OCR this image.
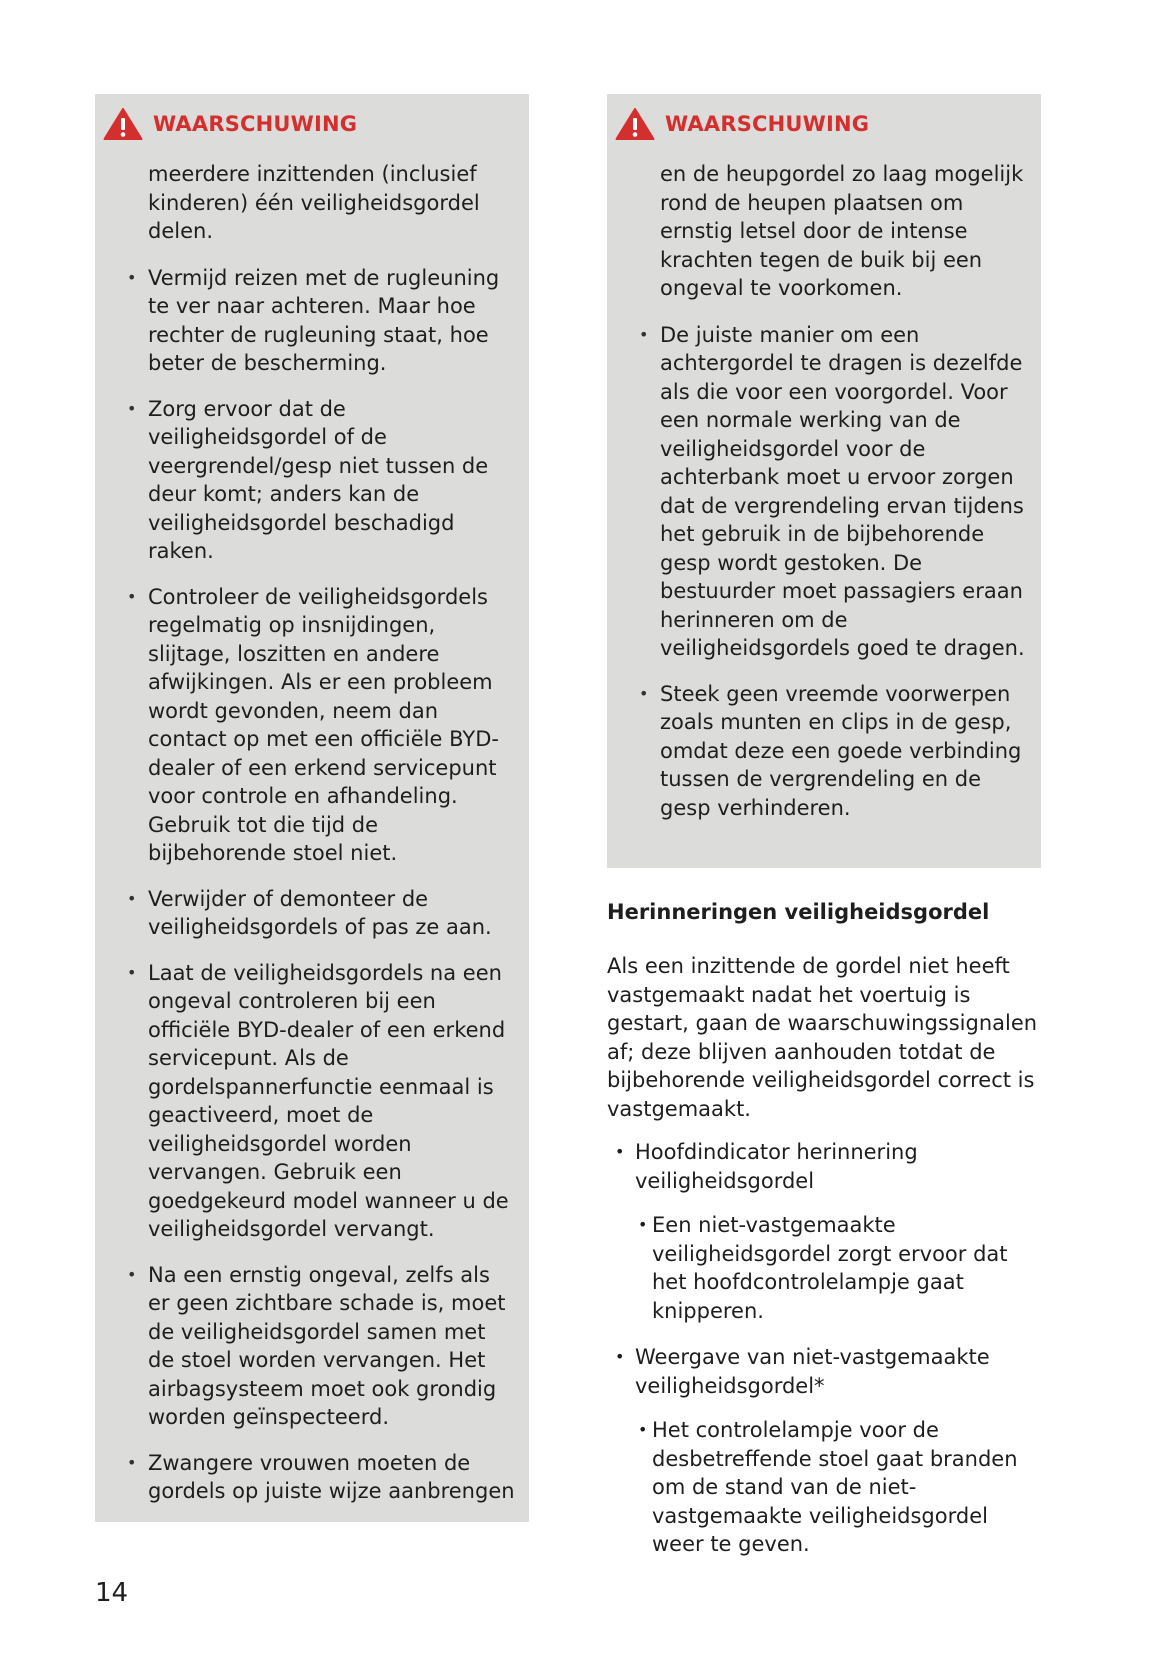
WAARSCHUWING
meerdere inzittenden (inclusief kinderen) één veiligheidsgordel delen.
• Vermijd reizen met de rugleuning te ver naar achteren. Maar hoe rechter de rugleuning staat, hoe beter de bescherming.
• Zorg ervoor dat de veiligheidsgordel of de veergrendel/gesp niet tussen de deur komt; anders kan de veiligheidsgordel beschadigd raken.
• Controleer de veiligheidsgordels regelmatig op insnijdingen, slijtage, loszitten en andere afwijkingen. Als er een probleem wordt gevonden, neem dan contact op met een officiële BYD-dealer of een erkend servicepunt voor controle en afhandeling. Gebruik tot die tijd de bijbehorende stoel niet.
• Verwijder of demonteer de veiligheidsgordels of pas ze aan.
• Laat de veiligheidsgordels na een ongeval controleren bij een officiële BYD-dealer of een erkend servicepunt. Als de gordelspannerfunctie eenmaal is geactiveerd, moet de veiligheidsgordel worden vervangen. Gebruik een goedgekeurd model wanneer u de veiligheidsgordel vervangt.
• Na een ernstig ongeval, zelfs als er geen zichtbare schade is, moet de veiligheidsgordel samen met de stoel worden vervangen. Het airbagsysteem moet ook grondig worden geïnspecteerd.
• Zwangere vrouwen moeten de gordels op juiste wijze aanbrengen
WAARSCHUWING
en de heupgordel zo laag mogelijk rond de heupen plaatsen om ernstig letsel door de intense krachten tegen de buik bij een ongeval te voorkomen.
• De juiste manier om een achtergordel te dragen is dezelfde als die voor een voorgordel. Voor een normale werking van de veiligheidsgordel voor de achterbank moet u ervoor zorgen dat de vergrendeling ervan tijdens het gebruik in de bijbehorende gesp wordt gestoken. De bestuurder moet passagiers eraan herinneren om de veiligheidsgordels goed te dragen.
• Steek geen vreemde voorwerpen zoals munten en clips in de gesp, omdat deze een goede verbinding tussen de vergrendeling en de gesp verhinderen.
Herinneringen veiligheidsgordel
Als een inzittende de gordel niet heeft vastgemaakt nadat het voertuig is gestart, gaan de waarschuwingssignalen af; deze blijven aanhouden totdat de bijbehorende veiligheidsgordel correct is vastgemaakt.
• Hoofdindicator herinnering veiligheidsgordel
• Een niet-vastgemaakte veiligheidsgordel zorgt ervoor dat het hoofdcontrolelampje gaat knipperen.
• Weergave van niet-vastgemaakte veiligheidsgordel*
• Het controlelampje voor de desbetreffende stoel gaat branden om de stand van de niet-vastgemaakte veiligheidsgordel weer te geven.
14
